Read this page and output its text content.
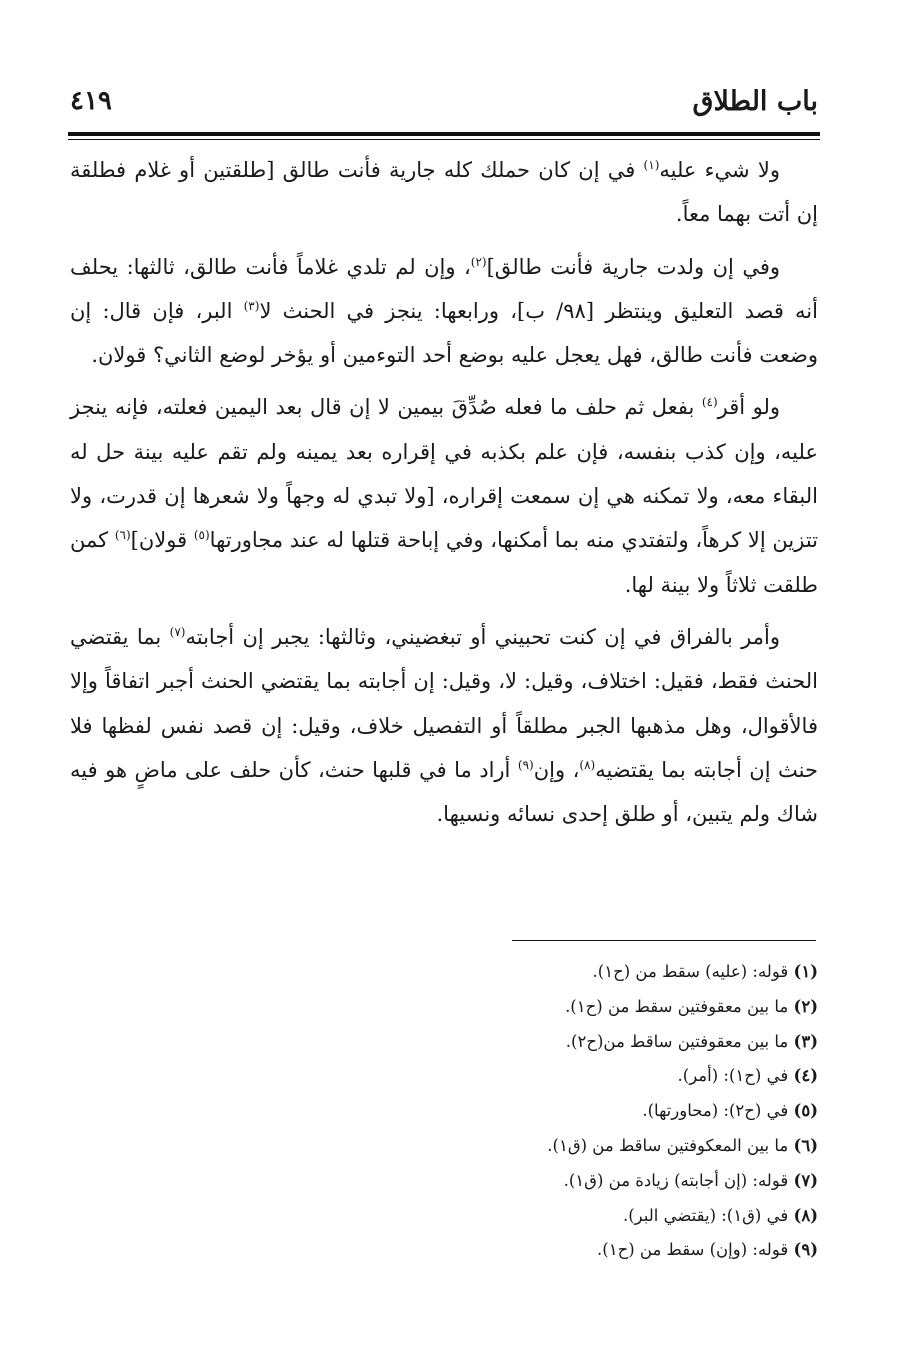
باب الطلاق
٤١٩

ولا شيء عليه$^{(١)}$ في إن كان حملك كله جارية فأنت طالق [طلقتين أو غلام فطلقة إن أتت بهما معاً.

وفي إن ولدت جارية فأنت طالق]$^{(٢)}$، وإن لم تلدي غلاماً فأنت طالق، ثالثها: يحلف أنه قصد التعليق وينتظر [٩٨/ ب]، ورابعها: ينجز في الحنث لا$^{(٣)}$ البر، فإن قال: إن وضعت فأنت طالق، فهل يعجل عليه بوضع أحد التوءمين أو يؤخر لوضع الثاني؟ قولان.

ولو أقر$^{(٤)}$ بفعل ثم حلف ما فعله صُدِّقَ بيمين لا إن قال بعد اليمين فعلته، فإنه ينجز عليه، وإن كذب بنفسه، فإن علم بكذبه في إقراره بعد يمينه ولم تقم عليه بينة حل له البقاء معه، ولا تمكنه هي إن سمعت إقراره، [ولا تبدي له وجهاً ولا شعرها إن قدرت، ولا تتزين إلا كرهاً، ولتفتدي منه بما أمكنها، وفي إباحة قتلها له عند مجاورتها$^{(٥)}$ قولان]$^{(٦)}$ كمن طلقت ثلاثاً ولا بينة لها.

وأمر بالفراق في إن كنت تحبيني أو تبغضيني، وثالثها: يجبر إن أجابته$^{(٧)}$ بما يقتضي الحنث فقط، فقيل: اختلاف، وقيل: لا، وقيل: إن أجابته بما يقتضي الحنث أجبر اتفاقاً وإلا فالأقوال، وهل مذهبها الجبر مطلقاً أو التفصيل خلاف، وقيل: إن قصد نفس لفظها فلا حنث إن أجابته بما يقتضيه$^{(٨)}$، وإن$^{(٩)}$ أراد ما في قلبها حنث، كأن حلف على ماضٍ هو فيه شاك ولم يتبين، أو طلق إحدى نسائه ونسيها.

(١) قوله: (عليه) سقط من (ح١).
(٢) ما بين معقوفتين سقط من (ح١).
(٣) ما بين معقوفتين ساقط من(ح٢).
(٤) في (ح١): (أمر).
(٥) في (ح٢): (محاورتها).
(٦) ما بين المعكوفتين ساقط من (ق١).
(٧) قوله: (إن أجابته) زيادة من (ق١).
(٨) في (ق١): (يقتضي البر).
(٩) قوله: (وإن) سقط من (ح١).
